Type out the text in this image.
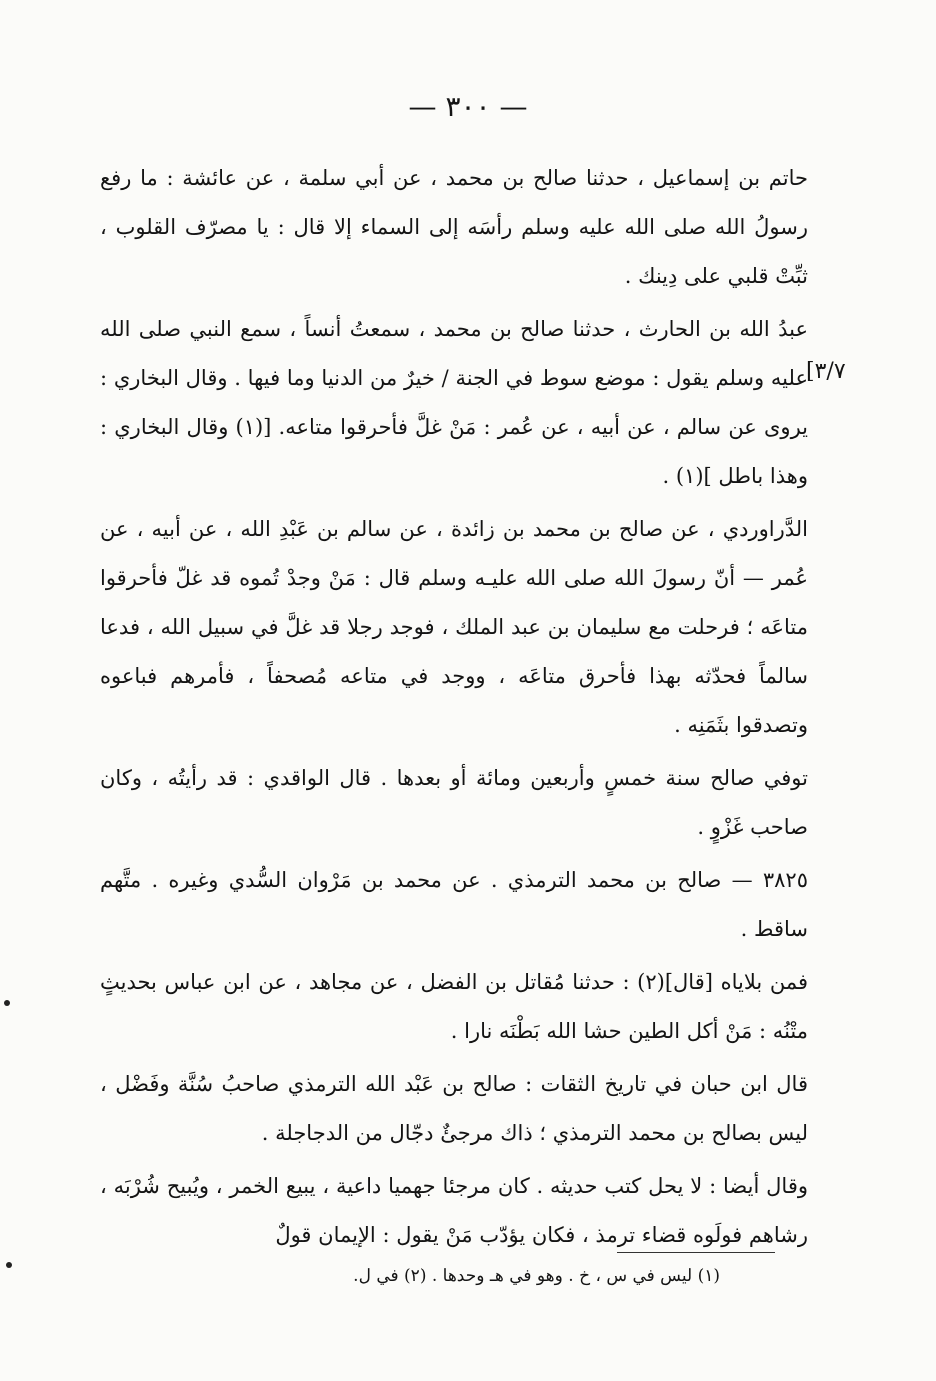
— ٣٠٠ —
[٣/٧

حاتم بن إسماعيل ، حدثنا صالح بن محمد ، عن أبي سلمة ، عن عائشة : ما رفع رسولُ الله صلى الله عليه وسلم رأسَه إلى السماء إلا قال : يا مصرّف القلوب ، ثبِّتْ قلبي على دِينك .

عبدُ الله بن الحارث ، حدثنا صالح بن محمد ، سمعتُ أنساً ، سمع النبي صلى الله عليه وسلم يقول : موضع سوط في الجنة / خيرٌ من الدنيا وما فيها . وقال البخاري : يروى عن سالم ، عن أبيه ، عن عُمر : مَنْ غلَّ فأحرقوا متاعه. [(١) وقال البخاري : وهذا باطل ](١) .

الدَّراوردي ، عن صالح بن محمد بن زائدة ، عن سالم بن عَبْدِ الله ، عن أبيه ، عن عُمر — أنّ رسولَ الله صلى الله عليـه وسلم قال : مَنْ وجدْ تُموه قد غلّ فأحرقوا متاعَه ؛ فرحلت مع سليمان بن عبد الملك ، فوجد رجلا قد غلَّ في سبيل الله ، فدعا سالماً فحدّثه بهذا فأحرق متاعَه ، ووجد في متاعه مُصحفاً ، فأمرهم فباعوه وتصدقوا بثَمَنِه .

توفي صالح سنة خمسٍ وأربعين ومائة أو بعدها . قال الواقدي : قد رأيتُه ، وكان صاحب غَزْوٍ .

٣٨٢٥ — صالح بن محمد الترمذي . عن محمد بن مَرْوان السُّدي وغيره . متَّهم ساقط .

فمن بلاياه [قال](٢) : حدثنا مُقاتل بن الفضل ، عن مجاهد ، عن ابن عباس بحديثٍ متْنُه : مَنْ أكل الطين حشا الله بَطْنَه نارا .

قال ابن حبان في تاريخ الثقات : صالح بن عَبْد الله الترمذي صاحبُ سُنَّة وفَضْل ، ليس بصالح بن محمد الترمذي ؛ ذاك مرجئٌ دجّال من الدجاجلة .

وقال أيضا : لا يحل كتب حديثه . كان مرجئا جهميا داعية ، يبيع الخمر ، ويُبيح شُرْبَه ، رشاهم فولَوه قضاء ترمذ ، فكان يؤدّب مَنْ يقول : الإيمان قولٌ

(١) ليس في س ، خ . وهو في هـ وحدها . (٢) في ل.
